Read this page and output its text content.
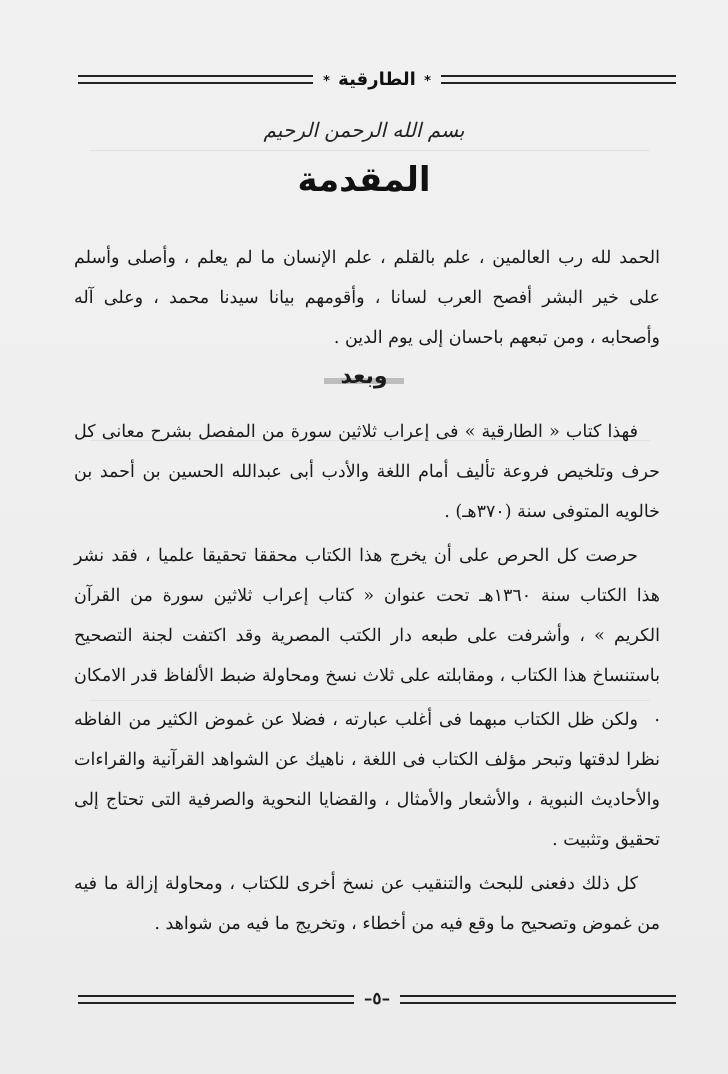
* الطارقية *
بسم الله الرحمن الرحيم
المقدمة

الحمد لله رب العالمين ، علم بالقلم ، علم الإنسان ما لم يعلم ، وأصلى وأسلم على خير البشر أفصح العرب لسانا ، وأقومهم بيانا سيدنا محمد ، وعلى آله وأصحابه ، ومن تبعهم باحسان إلى يوم الدين .

وبعد

فهذا كتاب « الطارقية » فى إعراب ثلاثين سورة من المفصل بشرح معانى كل حرف وتلخيص فروعة تأليف أمام اللغة والأدب أبى عبدالله الحسين بن أحمد بن خالويه المتوفى سنة (٣٧٠هـ) .

حرصت كل الحرص على أن يخرج هذا الكتاب محققا تحقيقا علميا ، فقد نشر هذا الكتاب سنة ١٣٦٠هـ تحت عنوان « كتاب إعراب ثلاثين سورة من القرآن الكريم » ، وأشرفت على طبعه دار الكتب المصرية وقد اكتفت لجنة التصحيح باستنساخ هذا الكتاب ، ومقابلته على ثلاث نسخ ومحاولة ضبط الألفاظ قدر الامكان .

ولكن ظل الكتاب مبهما فى أغلب عبارته ، فضلا عن غموض الكثير من الفاظه نظرا لدقتها وتبحر مؤلف الكتاب فى اللغة ، ناهيك عن الشواهد القرآنية والقراءات والأحاديث النبوية ، والأشعار والأمثال ، والقضايا النحوية والصرفية التى تحتاج إلى تحقيق وتثبيت .

كل ذلك دفعنى للبحث والتنقيب عن نسخ أخرى للكتاب ، ومحاولة إزالة ما فيه من غموض وتصحيح ما وقع فيه من أخطاء ، وتخريج ما فيه من شواهد .

–٥–
